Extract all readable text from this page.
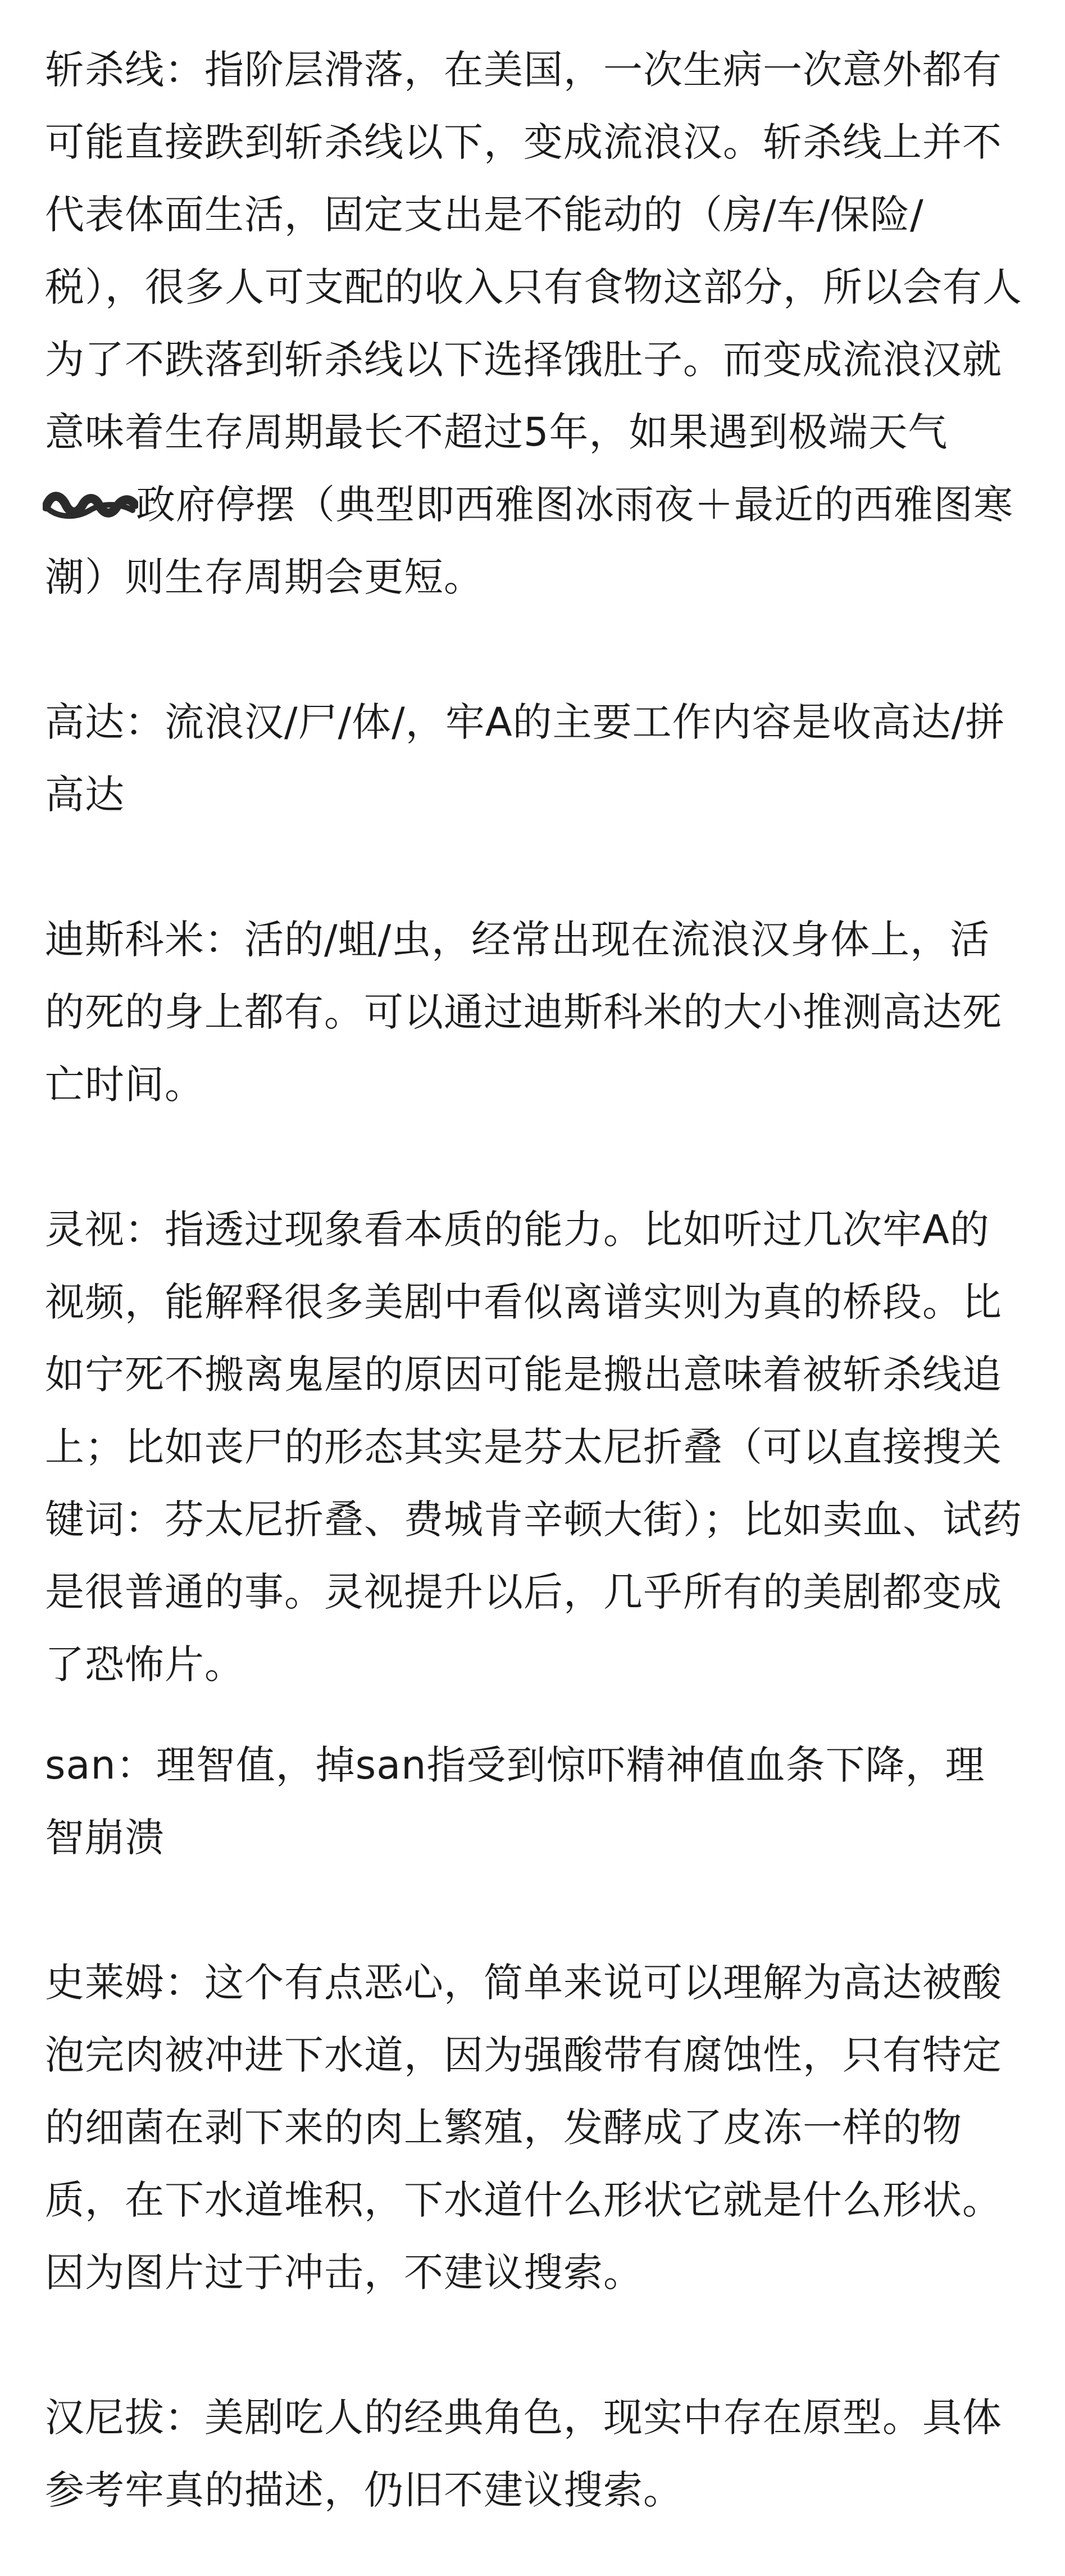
斩杀线：指阶层滑落，在美国，一次生病一次意外都有可能直接跌到斩杀线以下，变成流浪汉。斩杀线上并不代表体面生活，固定支出是不能动的（房/车/保险/税），很多人可支配的收入只有食物这部分，所以会有人为了不跌落到斩杀线以下选择饿肚子。而变成流浪汉就意味着生存周期最长不超过5年，如果遇到极端天气政府停摆（典型即西雅图冰雨夜＋最近的西雅图寒潮）则生存周期会更短。

高达：流浪汉/尸/体/，牢A的主要工作内容是收高达/拼高达

迪斯科米：活的/蛆/虫，经常出现在流浪汉身体上，活的死的身上都有。可以通过迪斯科米的大小推测高达死亡时间。

灵视：指透过现象看本质的能力。比如听过几次牢A的视频，能解释很多美剧中看似离谱实则为真的桥段。比如宁死不搬离鬼屋的原因可能是搬出意味着被斩杀线追上；比如丧尸的形态其实是芬太尼折叠（可以直接搜关键词：芬太尼折叠、费城肯辛顿大街）；比如卖血、试药是很普通的事。灵视提升以后，几乎所有的美剧都变成了恐怖片。

san：理智值，掉san指受到惊吓精神值血条下降，理智崩溃

史莱姆：这个有点恶心，简单来说可以理解为高达被酸泡完肉被冲进下水道，因为强酸带有腐蚀性，只有特定的细菌在剥下来的肉上繁殖，发酵成了皮冻一样的物质，在下水道堆积，下水道什么形状它就是什么形状。因为图片过于冲击，不建议搜索。

汉尼拔：美剧吃人的经典角色，现实中存在原型。具体参考牢真的描述，仍旧不建议搜索。
